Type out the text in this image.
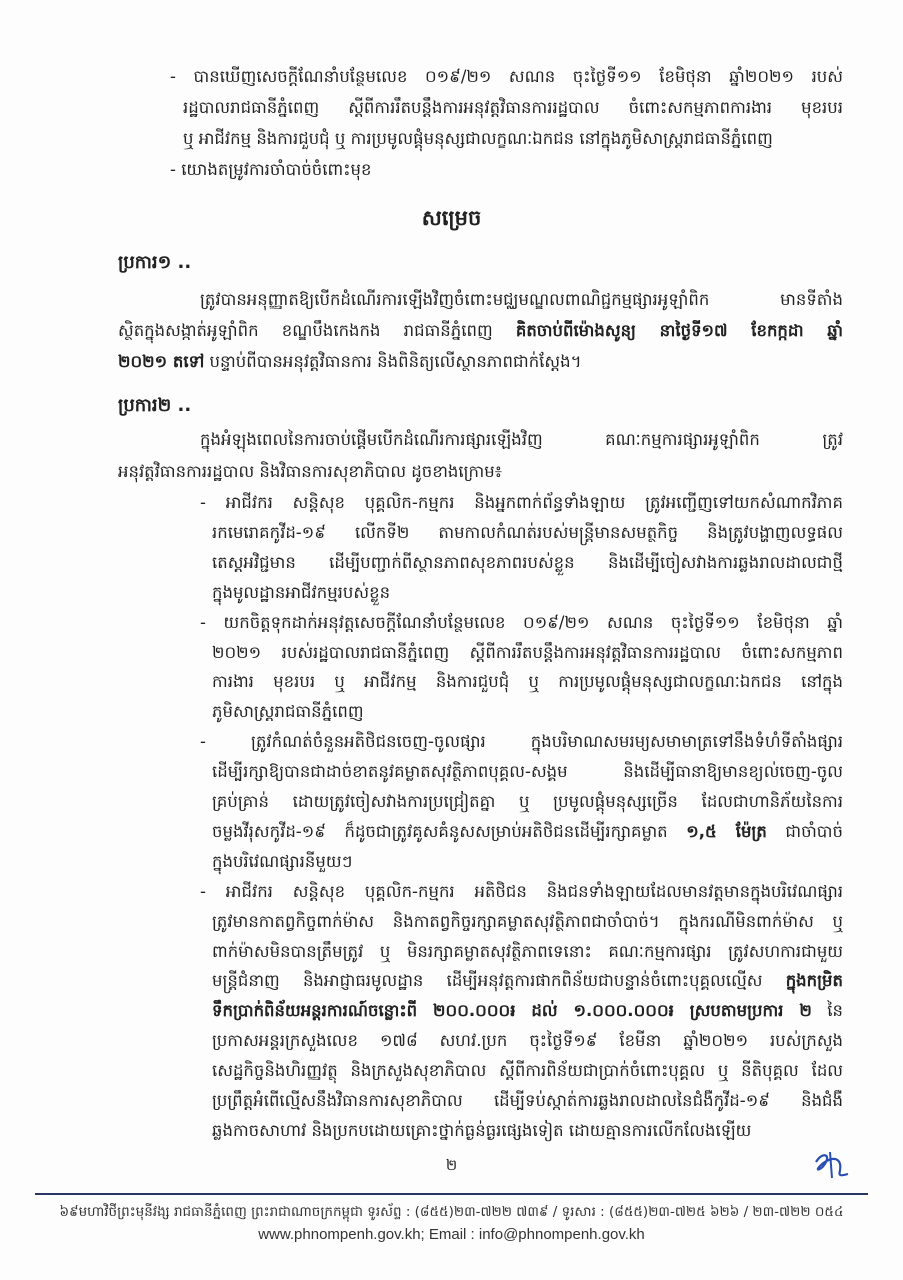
សម្រេច
ប្រការ១ ..
ប្រការ២ ..
២
៦៩មហាវិថីព្រះមុនីវង្ស រាជធានីភ្នំពេញ ព្រះរាជាណាចក្រកម្ពុជា ទូរស័ព្ទ : (៨៥៥)២៣-៧២២ ៧៣៩ / ទូរសារ : (៨៥៥)២៣-៧២៥ ៦២៦ / ២៣-៧២២ ០៥៤
www.phnompenh.gov.kh; Email : info@phnompenh.gov.kh
- បានឃើញសេចក្តីណែនាំបន្ថែមលេខ ០១៩/២១ សណន ចុះថ្ងៃទី១១ ខែមិថុនា ឆ្នាំ២០២១ របស់
រដ្ឋបាលរាជធានីភ្នំពេញ ស្តីពីការរឹតបន្តឹងការអនុវត្តវិធានការរដ្ឋបាល ចំពោះសកម្មភាពការងារ មុខរបរ
ឬ អាជីវកម្ម និងការជួបជុំ ឬ ការប្រមូលផ្តុំមនុស្សជាលក្ខណៈឯកជន នៅក្នុងភូមិសាស្ត្ររាជធានីភ្នំពេញ
- យោងតម្រូវការចាំបាច់ចំពោះមុខ
ត្រូវបានអនុញ្ញាតឱ្យបើកដំណើរការឡើងវិញចំពោះមជ្ឈមណ្ឌលពាណិជ្ជកម្មផ្សារអូឡាំពិក មានទីតាំង
ស្ថិតក្នុងសង្កាត់អូឡាំពិក ខណ្ឌបឹងកេងកង រាជធានីភ្នំពេញ គិតចាប់ពីម៉ោងសូន្យ នាថ្ងៃទី១៧ ខែកក្កដា ឆ្នាំ
២០២១ តទៅ បន្ទាប់ពីបានអនុវត្តវិធានការ និងពិនិត្យលើស្ថានភាពជាក់ស្តែង។
ក្នុងអំឡុងពេលនៃការចាប់ផ្តើមបើកដំណើរការផ្សារឡើងវិញ គណៈកម្មការផ្សារអូឡាំពិក ត្រូវ
អនុវត្តវិធានការរដ្ឋបាល និងវិធានការសុខាភិបាល ដូចខាងក្រោម៖
- អាជីវករ សន្តិសុខ បុគ្គលិក-កម្មករ និងអ្នកពាក់ព័ន្ធទាំងឡាយ ត្រូវអញ្ជើញទៅយកសំណាកវិភាគ
រកមេរោគកូវីដ-១៩ លើកទី២ តាមកាលកំណត់របស់មន្ត្រីមានសមត្ថកិច្ច និងត្រូវបង្ហាញលទ្ធផល
តេស្តអវិជ្ជមាន ដើម្បីបញ្ជាក់ពីស្ថានភាពសុខភាពរបស់ខ្លួន និងដើម្បីចៀសវាងការឆ្លងរាលដាលជាថ្មី
ក្នុងមូលដ្ឋានអាជីវកម្មរបស់ខ្លួន
- យកចិត្តទុកដាក់អនុវត្តសេចក្តីណែនាំបន្ថែមលេខ ០១៩/២១ សណន ចុះថ្ងៃទី១១ ខែមិថុនា ឆ្នាំ
២០២១ របស់រដ្ឋបាលរាជធានីភ្នំពេញ ស្តីពីការរឹតបន្តឹងការអនុវត្តវិធានការរដ្ឋបាល ចំពោះសកម្មភាព
ការងារ មុខរបរ ឬ អាជីវកម្ម និងការជួបជុំ ឬ ការប្រមូលផ្តុំមនុស្សជាលក្ខណៈឯកជន នៅក្នុង
ភូមិសាស្ត្ររាជធានីភ្នំពេញ
- ត្រូវកំណត់ចំនួនអតិថិជនចេញ-ចូលផ្សារ ក្នុងបរិមាណសមរម្យសមាមាត្រទៅនឹងទំហំទីតាំងផ្សារ
ដើម្បីរក្សាឱ្យបានជាដាច់ខាតនូវគម្លាតសុវត្ថិភាពបុគ្គល-សង្គម និងដើម្បីធានាឱ្យមានខ្យល់ចេញ-ចូល
គ្រប់គ្រាន់ ដោយត្រូវចៀសវាងការប្រជ្រៀតគ្នា ឬ ប្រមូលផ្តុំមនុស្សច្រើន ដែលជាហានិភ័យនៃការ
ចម្លងវីរុសកូវីដ-១៩ ក៏ដូចជាត្រូវគូសគំនូសសម្រាប់អតិថិជនដើម្បីរក្សាគម្លាត ១,៥ ម៉ែត្រ ជាចាំបាច់
ក្នុងបរិវេណផ្សារនីមួយៗ
- អាជីវករ សន្តិសុខ បុគ្គលិក-កម្មករ អតិថិជន និងជនទាំងឡាយដែលមានវត្តមានក្នុងបរិវេណផ្សារ
ត្រូវមានកាតព្វកិច្ចពាក់ម៉ាស និងកាតព្វកិច្ចរក្សាគម្លាតសុវត្ថិភាពជាចាំបាច់។ ក្នុងករណីមិនពាក់ម៉ាស ឬ
ពាក់ម៉ាសមិនបានត្រឹមត្រូវ ឬ មិនរក្សាគម្លាតសុវត្ថិភាពទេនោះ គណៈកម្មការផ្សារ ត្រូវសហការជាមួយ
មន្ត្រីជំនាញ និងអាជ្ញាធរមូលដ្ឋាន ដើម្បីអនុវត្តការផាកពិន័យជាបន្ទាន់ចំពោះបុគ្គលល្មើស ក្នុងកម្រិត
ទឹកប្រាក់ពិន័យអន្តរការណ៍ចន្លោះពី ២០០.០០០៛ ដល់ ១.០០០.០០០៛ ស្របតាមប្រការ ២ នៃ
ប្រកាសអន្តរក្រសួងលេខ ១៧៨ សហវ.ប្រក ចុះថ្ងៃទី១៩ ខែមីនា ឆ្នាំ២០២១ របស់ក្រសួង
សេដ្ឋកិច្ចនិងហិរញ្ញវត្ថុ និងក្រសួងសុខាភិបាល ស្តីពីការពិន័យជាប្រាក់ចំពោះបុគ្គល ឬ នីតិបុគ្គល ដែល
ប្រព្រឹត្តអំពើល្មើសនឹងវិធានការសុខាភិបាល ដើម្បីទប់ស្កាត់ការឆ្លងរាលដាលនៃជំងឺកូវីដ-១៩ និងជំងឺ
ឆ្លងកាចសាហាវ និងប្រកបដោយគ្រោះថ្នាក់ធ្ងន់ធ្ងរផ្សេងទៀត ដោយគ្មានការលើកលែងឡើយ
